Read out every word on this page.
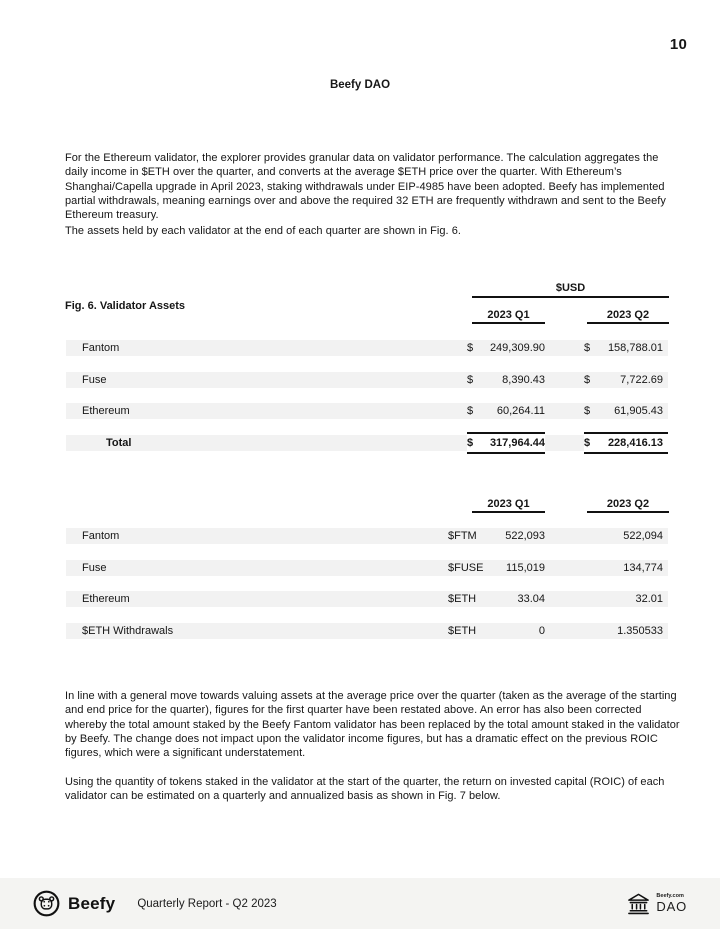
10
Beefy DAO

For the Ethereum validator, the explorer provides granular data on validator performance. The calculation aggregates the daily income in $ETH over the quarter, and converts at the average $ETH price over the quarter. With Ethereum’s Shanghai/Capella upgrade in April 2023, staking withdrawals under EIP-4985 have been adopted. Beefy has implemented partial withdrawals, meaning earnings over and above the required 32 ETH are frequently withdrawn and sent to the Beefy Ethereum treasury.

The assets held by each validator at the end of each quarter are shown in Fig. 6.

Fig. 6. Validator Assets
$USD
2023 Q1	2023 Q2
Fantom	$ 249,309.90	$ 158,788.01
Fuse	$	8,390.43	$	7,722.69
Ethereum	$ 60,264.11	$ 61,905.43
Total	$ 317,964.44	$ 228,416.13
2023 Q1	2023 Q2
Fantom	$FTM	522,093	522,094
Fuse	$FUSE	115,019	134,774
Ethereum	$ETH	33.04	32.01
$ETH Withdrawals	$ETH	0	1.350533

In line with a general move towards valuing assets at the average price over the quarter (taken as the average of the starting and end price for the quarter), figures for the first quarter have been restated above. An error has also been corrected whereby the total amount staked by the Beefy Fantom validator has been replaced by the total amount staked in the validator by Beefy. The change does not impact upon the validator income figures, but has a dramatic effect on the previous ROIC figures, which were a significant understatement.

Using the quantity of tokens staked in the validator at the start of the quarter, the return on invested capital (ROIC) of each validator can be estimated on a quarterly and annualized basis as shown in Fig. 7 below.

Beefy Quarterly Report - Q2 2023
Beefy.com
DAO
